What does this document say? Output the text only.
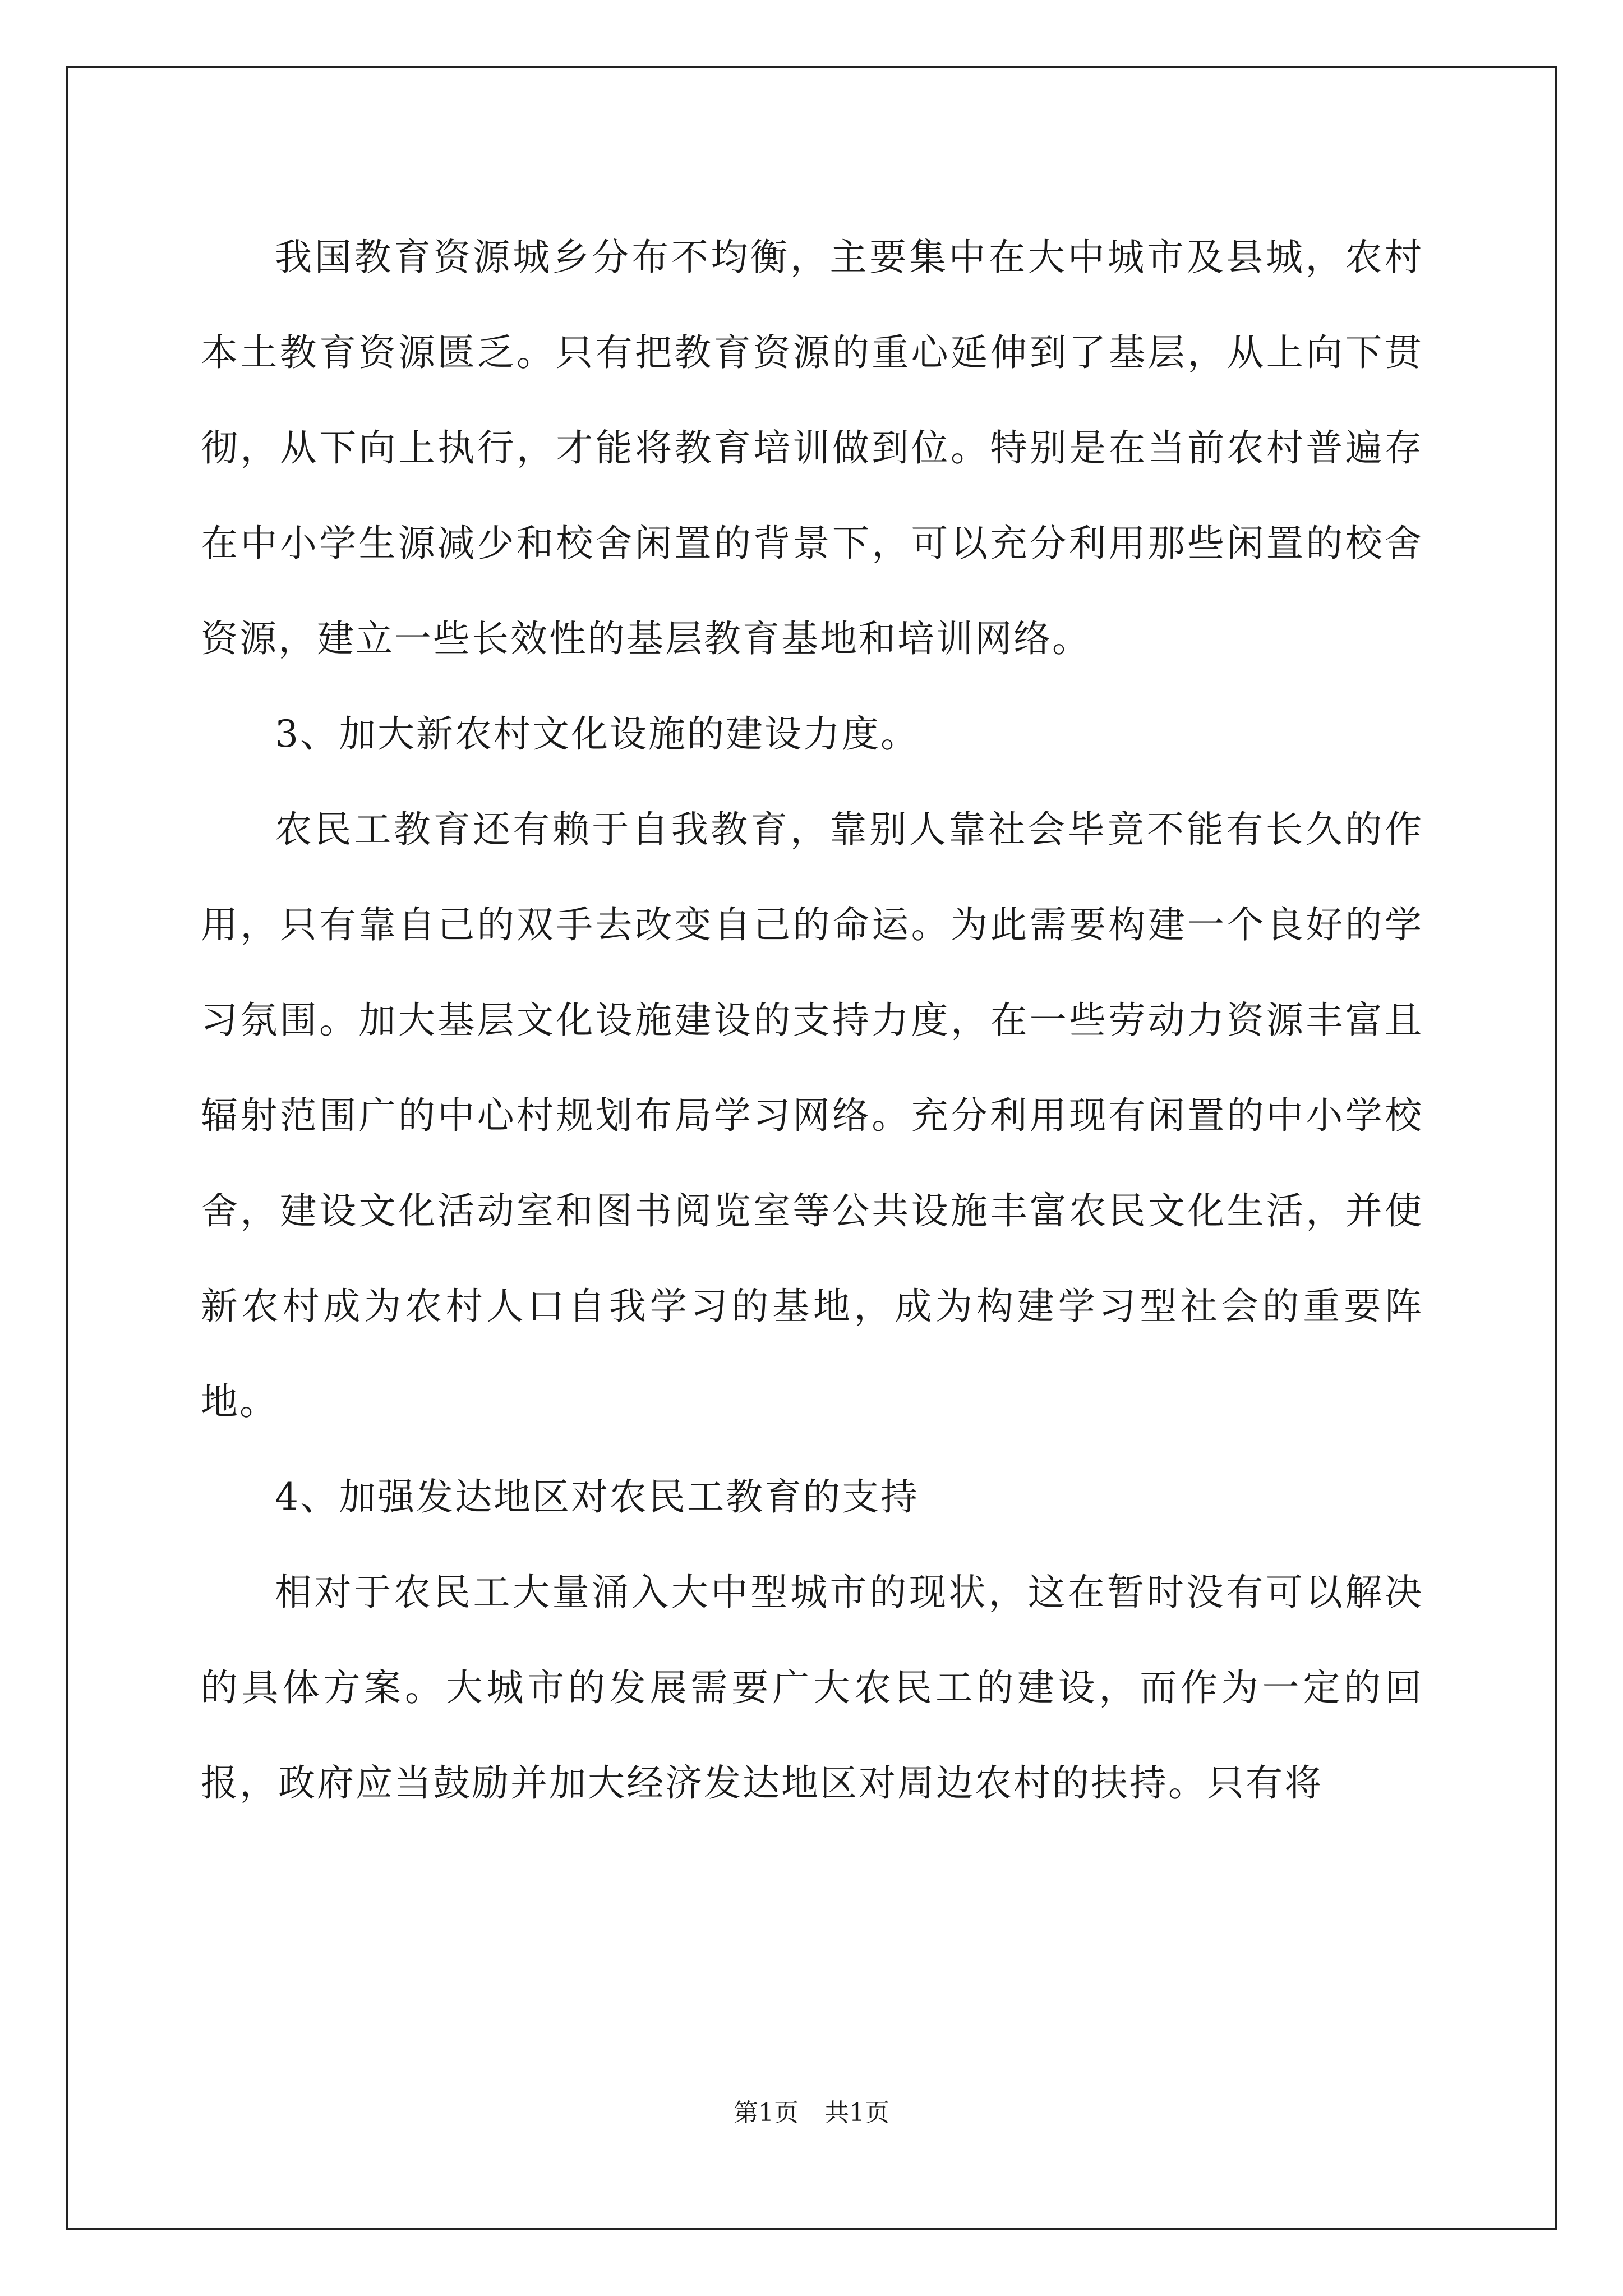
我国教育资源城乡分布不均衡，主要集中在大中城市及县城，农村本土教育资源匮乏。只有把教育资源的重心延伸到了基层，从上向下贯彻，从下向上执行，才能将教育培训做到位。特别是在当前农村普遍存在中小学生源减少和校舍闲置的背景下，可以充分利用那些闲置的校舍资源，建立一些长效性的基层教育基地和培训网络。

3、加大新农村文化设施的建设力度。

农民工教育还有赖于自我教育，靠别人靠社会毕竟不能有长久的作用，只有靠自己的双手去改变自己的命运。为此需要构建一个良好的学习氛围。加大基层文化设施建设的支持力度，在一些劳动力资源丰富且辐射范围广的中心村规划布局学习网络。充分利用现有闲置的中小学校舍，建设文化活动室和图书阅览室等公共设施丰富农民文化生活，并使新农村成为农村人口自我学习的基地，成为构建学习型社会的重要阵地。

4、加强发达地区对农民工教育的支持

相对于农民工大量涌入大中型城市的现状，这在暂时没有可以解决的具体方案。大城市的发展需要广大农民工的建设，而作为一定的回报，政府应当鼓励并加大经济发达地区对周边农村的扶持。只有将

第1页 共1页
